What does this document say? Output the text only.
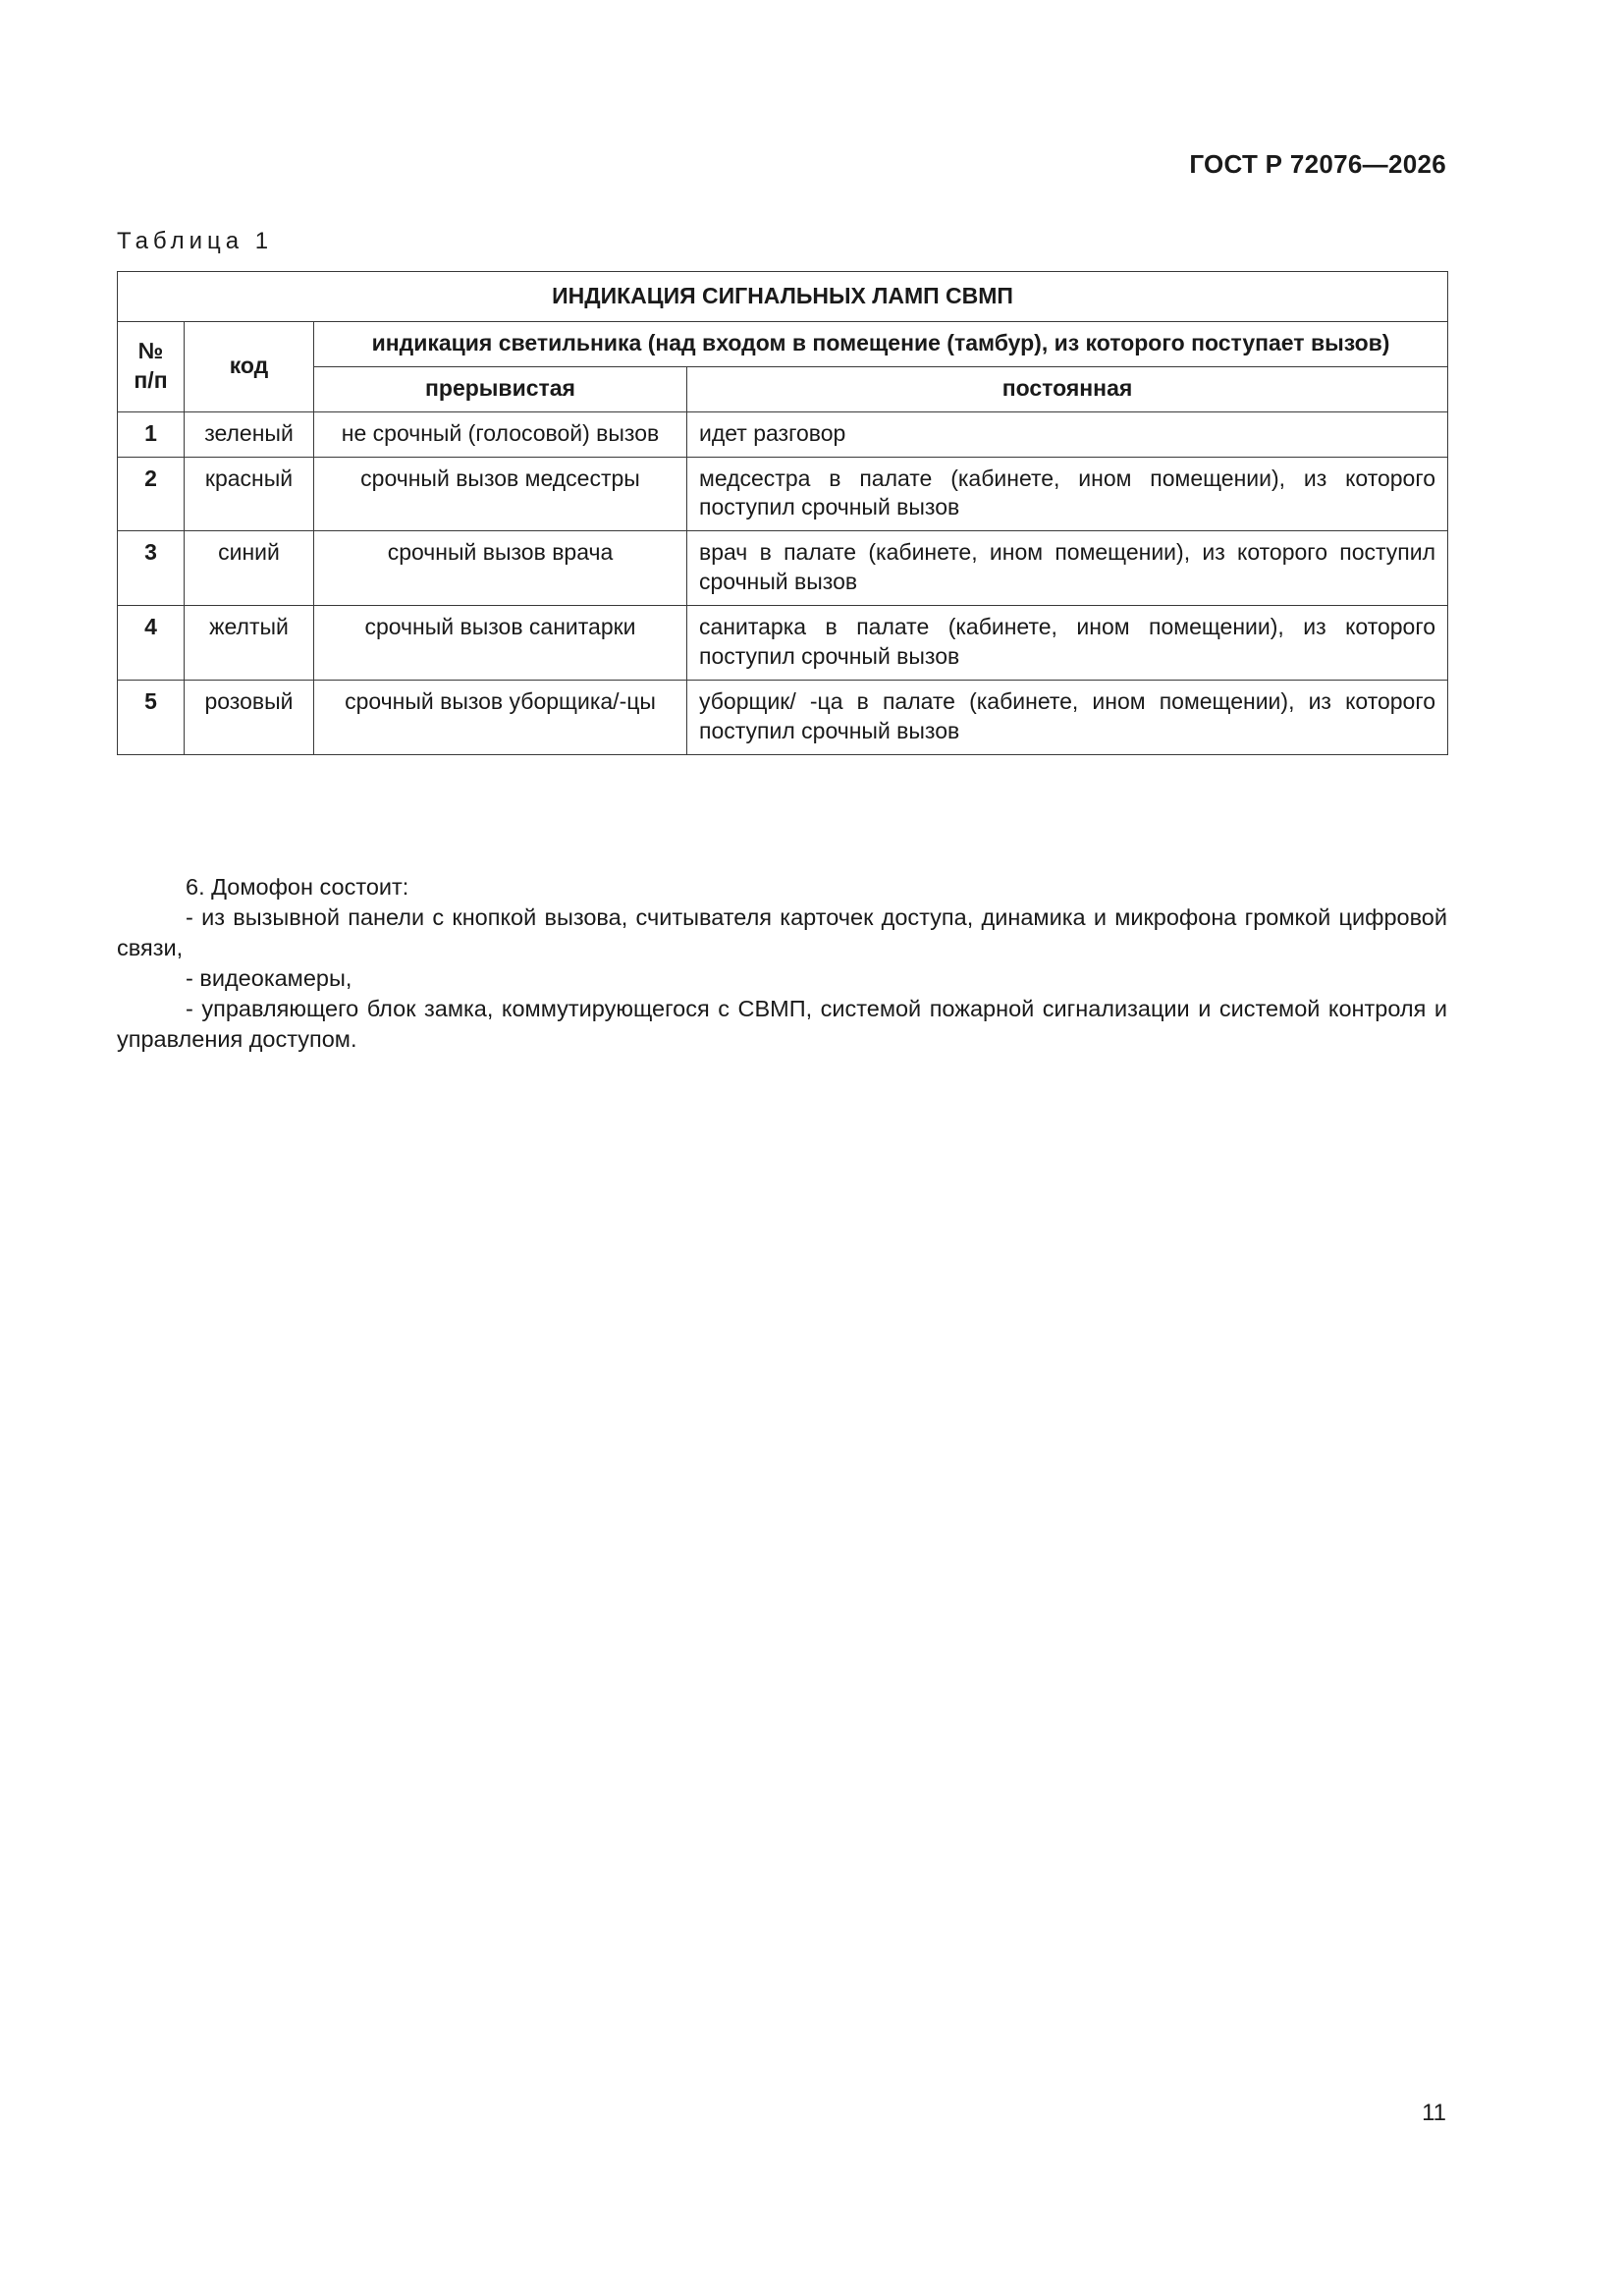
ГОСТ Р 72076—2026
Таблица 1
ИНДИКАЦИЯ СИГНАЛЬНЫХ ЛАМП СВМП			
№ п/п	код	индикация светильника (над входом в помещение (тамбур), из которого поступает вызов)	
		прерывистая	постоянная
1	зеленый	не срочный (голосовой) вызов	идет разговор
2	красный	срочный вызов медсестры	медсестра в палате (кабинете, ином помещении), из которого поступил срочный вызов
3	синий	срочный вызов врача	врач в палате (кабинете, ином помещении), из которого поступил срочный вызов
4	желтый	срочный вызов санитарки	санитарка в палате (кабинете, ином помещении), из которого поступил срочный вызов
5	розовый	срочный вызов уборщика/-цы	уборщик/ -ца в палате (кабинете, ином помещении), из которого поступил срочный вызов

6. Домофон состоит:

- из вызывной панели с кнопкой вызова, считывателя карточек доступа, динамика и микрофона громкой цифровой связи,

- видеокамеры,

- управляющего блок замка, коммутирующегося с СВМП, системой пожарной сигнализации и системой контроля и управления доступом.

11
